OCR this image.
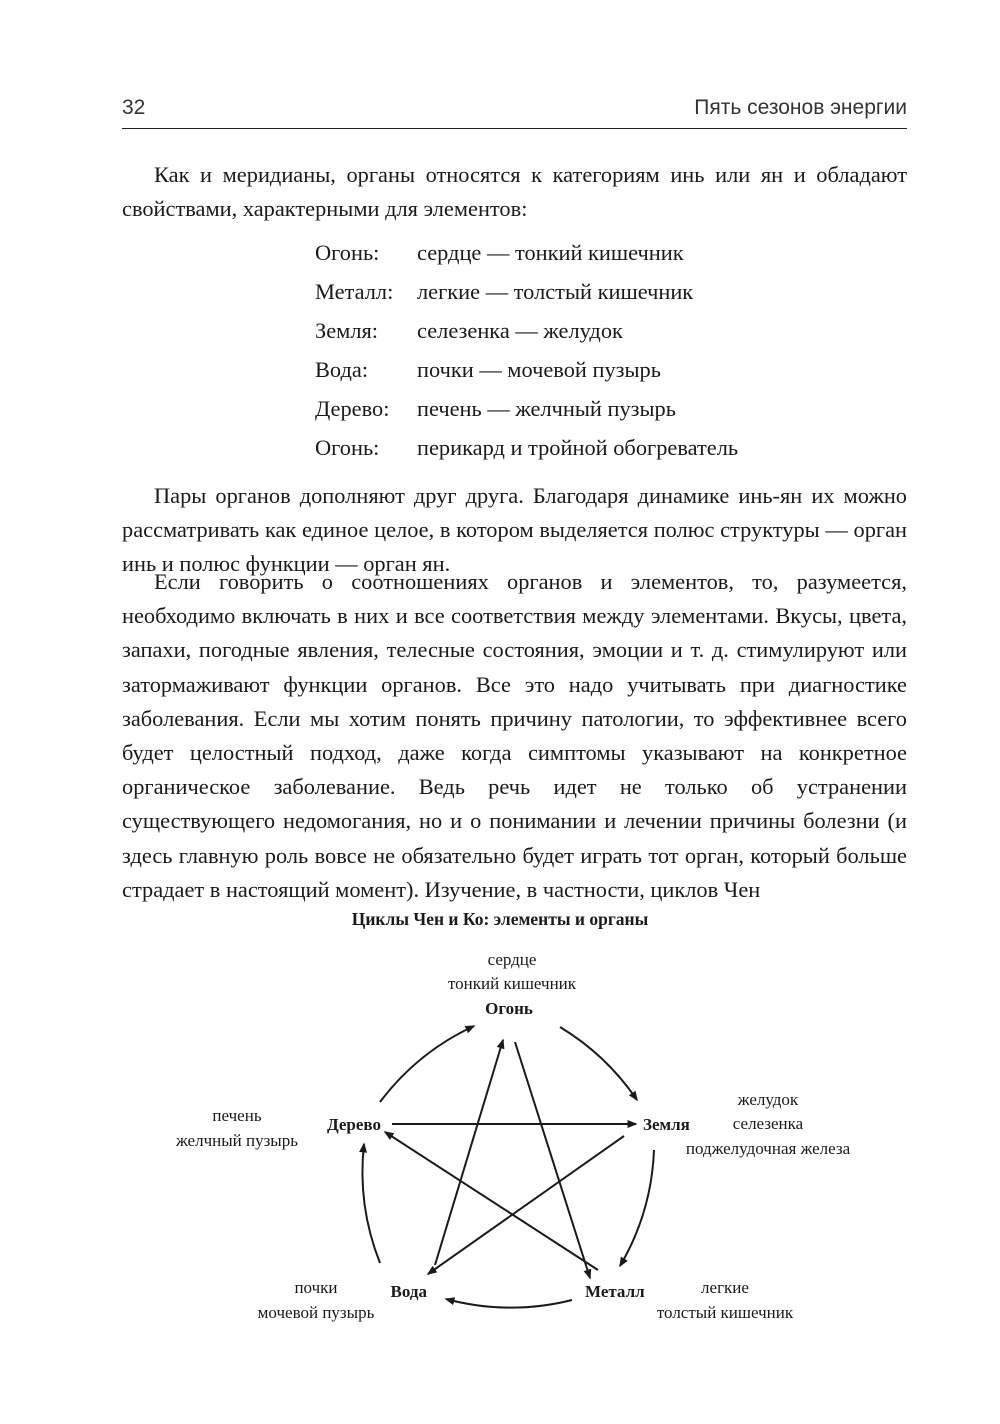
32	Пять сезонов энергии

Как и меридианы, органы относятся к категориям инь или ян и обладают свойствами, характерными для элементов:

Огонь:	сердце — тонкий кишечник
Металл:	легкие — толстый кишечник
Земля:	селезенка — желудок
Вода:	почки — мочевой пузырь
Дерево:	печень — желчный пузырь
Огонь:	перикард и тройной обогреватель

Пары органов дополняют друг друга. Благодаря динамике инь-ян их можно рассматривать как единое целое, в котором выделяется полюс структуры — орган инь и полюс функции — орган ян.

Если говорить о соотношениях органов и элементов, то, разумеется, необходимо включать в них и все соответствия между элементами. Вкусы, цвета, запахи, погодные явления, телесные состояния, эмоции и т. д. стимулируют или затормаживают функции органов. Все это надо учитывать при диагностике заболевания. Если мы хотим понять причину патологии, то эффективнее всего будет целостный подход, даже когда симптомы указывают на конкретное органическое заболевание. Ведь речь идет не только об устранении существующего недомогания, но и о понимании и лечении причины болезни (и здесь главную роль вовсе не обязательно будет играть тот орган, который больше страдает в настоящий момент). Изучение, в частности, циклов Чен

Циклы Чен и Ко: элементы и органы
сердце
тонкий кишечник
Огонь
Земля
желудок
селезенка
поджелудочная железа
Металл	легкие
толстый кишечник
Вода
почки
мочевой пузырь
Дерево
печень
желчный пузырь
